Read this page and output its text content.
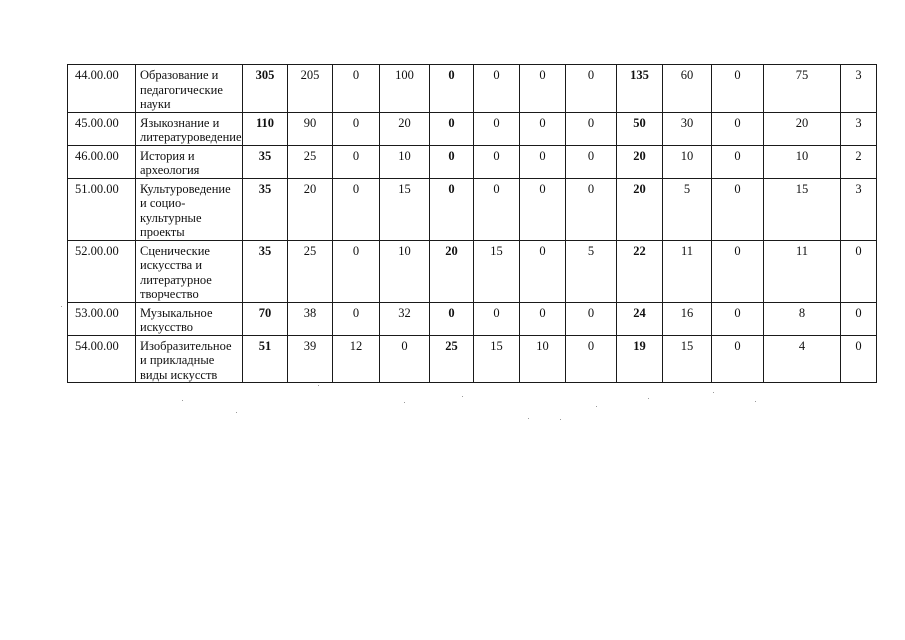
44.00.00	Образование и педагогические науки	305	205	0	100	0	0	0	0	135	60	0	75	3
45.00.00	Языкознание и литературоведение	110	90	0	20	0	0	0	0	50	30	0	20	3
46.00.00	История и археология	35	25	0	10	0	0	0	0	20	10	0	10	2
51.00.00	Культуроведение и социо-культурные проекты	35	20	0	15	0	0	0	0	20	5	0	15	3
52.00.00	Сценические искусства и литературное творчество	35	25	0	10	20	15	0	5	22	11	0	11	0
53.00.00	Музыкальное искусство	70	38	0	32	0	0	0	0	24	16	0	8	0
54.00.00	Изобразительное и прикладные виды искусств	51	39	12	0	25	15	10	0	19	15	0	4	0
